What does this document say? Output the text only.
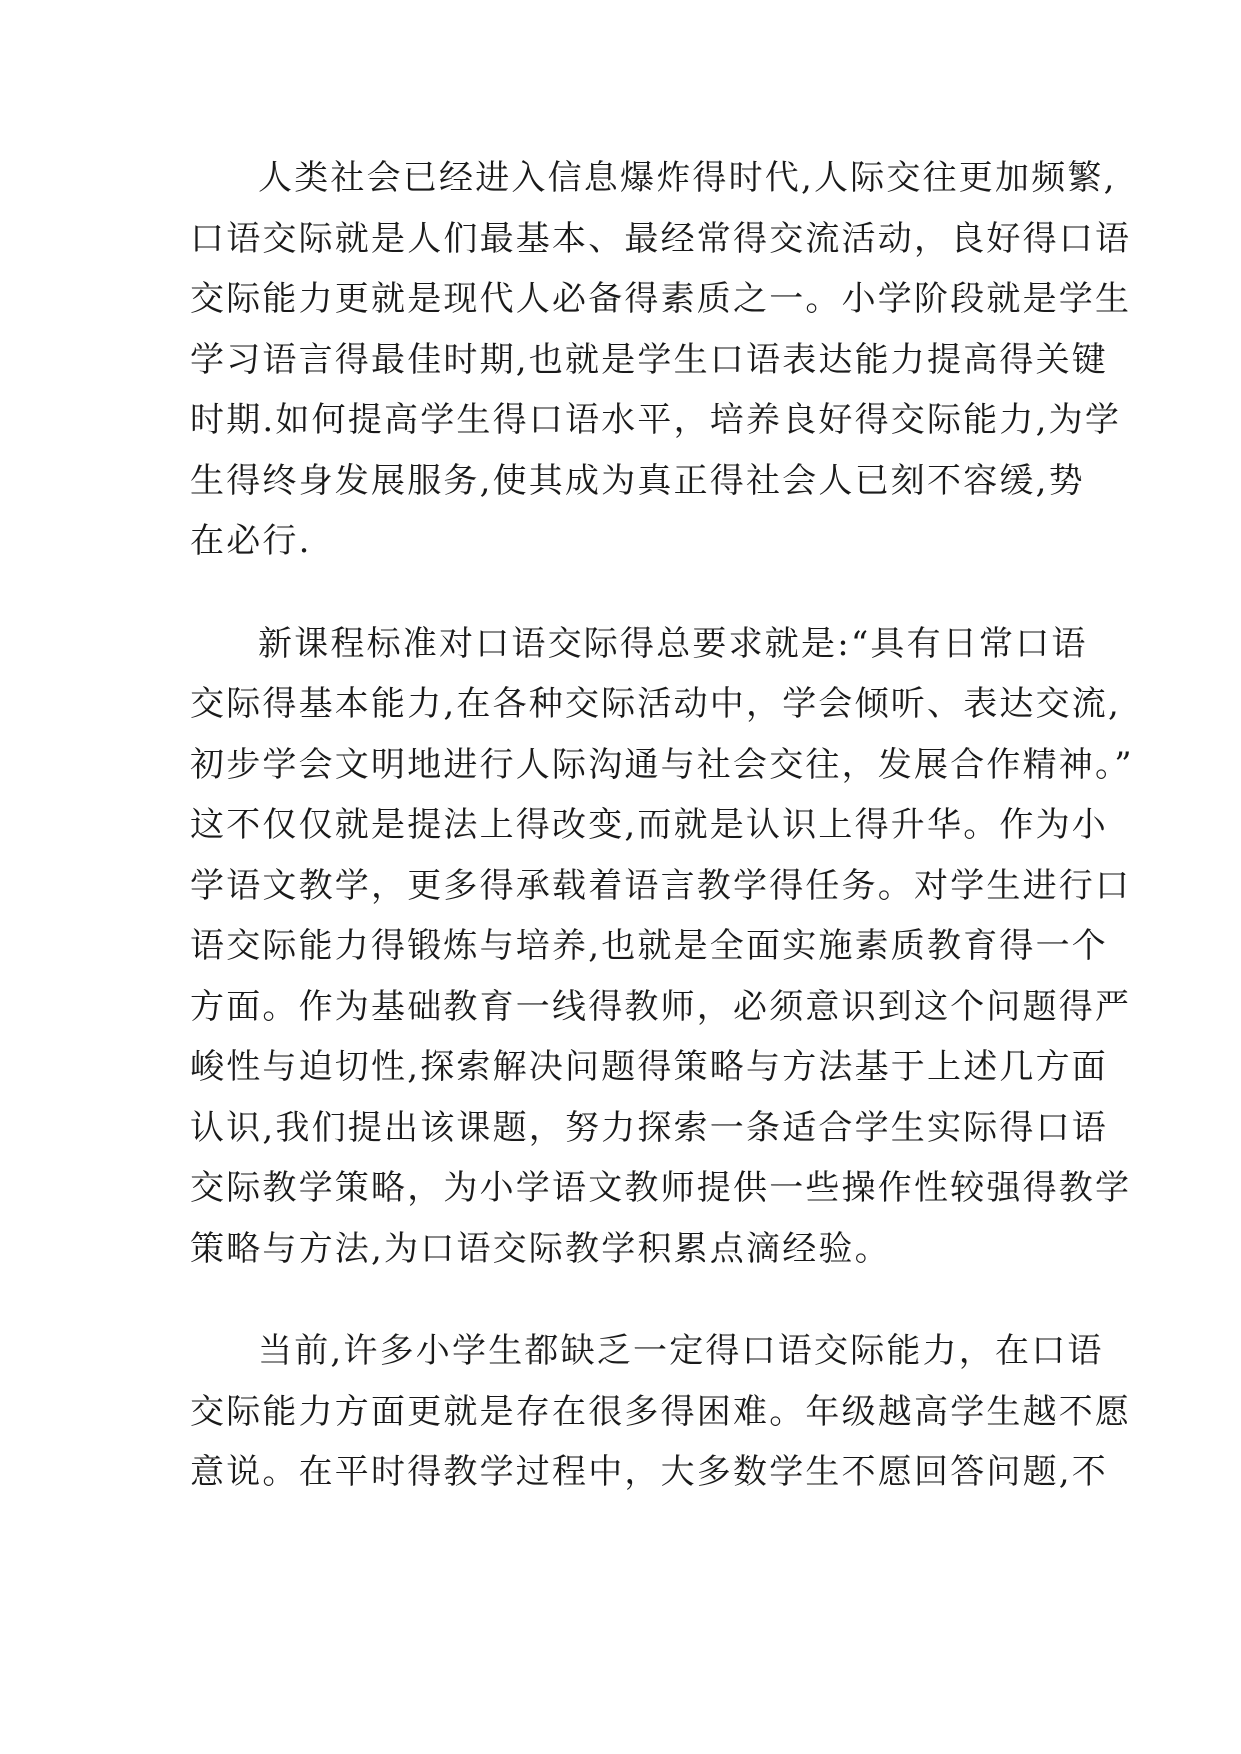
人类社会已经进入信息爆炸得时代,人际交往更加频繁,
口语交际就是人们最基本、最经常得交流活动，良好得口语
交际能力更就是现代人必备得素质之一。小学阶段就是学生
学习语言得最佳时期,也就是学生口语表达能力提高得关键
时期.如何提高学生得口语水平，培养良好得交际能力,为学
生得终身发展服务,使其成为真正得社会人已刻不容缓,势
在必行.
新课程标准对口语交际得总要求就是:“具有日常口语
交际得基本能力,在各种交际活动中，学会倾听、表达交流,
初步学会文明地进行人际沟通与社会交往，发展合作精神。”
这不仅仅就是提法上得改变,而就是认识上得升华。作为小
学语文教学，更多得承载着语言教学得任务。对学生进行口
语交际能力得锻炼与培养,也就是全面实施素质教育得一个
方面。作为基础教育一线得教师，必须意识到这个问题得严
峻性与迫切性,探索解决问题得策略与方法基于上述几方面
认识,我们提出该课题，努力探索一条适合学生实际得口语
交际教学策略，为小学语文教师提供一些操作性较强得教学
策略与方法,为口语交际教学积累点滴经验。
当前,许多小学生都缺乏一定得口语交际能力，在口语
交际能力方面更就是存在很多得困难。年级越高学生越不愿
意说。在平时得教学过程中，大多数学生不愿回答问题,不
